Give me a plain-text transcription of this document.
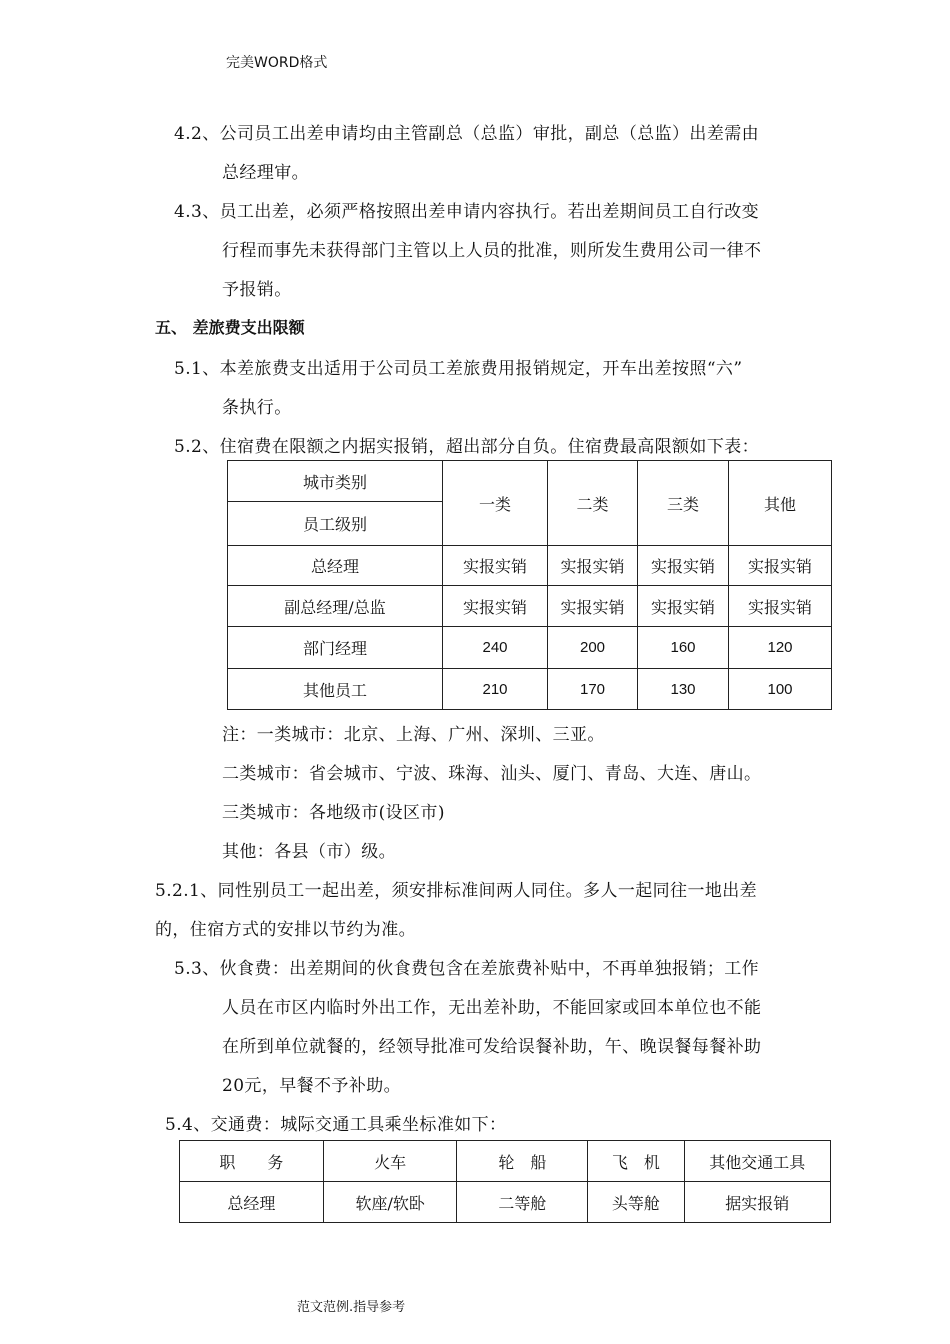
完美WORD格式
4.2、公司员工出差申请均由主管副总（总监）审批，副总（总监）出差需由
总经理审。
4.3、员工出差，必须严格按照出差申请内容执行。若出差期间员工自行改变
行程而事先未获得部门主管以上人员的批准，则所发生费用公司一律不
予报销。
五、 差旅费支出限额
5.1、本差旅费支出适用于公司员工差旅费用报销规定，开车出差按照“六”
条执行。
5.2、住宿费在限额之内据实报销，超出部分自负。住宿费最高限额如下表：
城市类别	一类	二类	三类	其他
员工级别				
总经理	实报实销	实报实销	实报实销	实报实销
副总经理/总监	实报实销	实报实销	实报实销	实报实销
部门经理	240	200	160	120
其他员工	210	170	130	100
注：一类城市：北京、上海、广州、深圳、三亚。
二类城市：省会城市、宁波、珠海、汕头、厦门、青岛、大连、唐山。
三类城市：各地级市(设区市)
其他：各县（市）级。
5.2.1、同性别员工一起出差，须安排标准间两人同住。多人一起同往一地出差
的，住宿方式的安排以节约为准。
5.3、伙食费：出差期间的伙食费包含在差旅费补贴中，不再单独报销；工作
人员在市区内临时外出工作，无出差补助，不能回家或回本单位也不能
在所到单位就餐的，经领导批准可发给误餐补助，午、晚误餐每餐补助
20元，早餐不予补助。
5.4、交通费：城际交通工具乘坐标准如下：
职　　务	火车	轮　船	飞　机	其他交通工具
总经理	软座/软卧	二等舱	头等舱	据实报销
范文范例.指导参考
